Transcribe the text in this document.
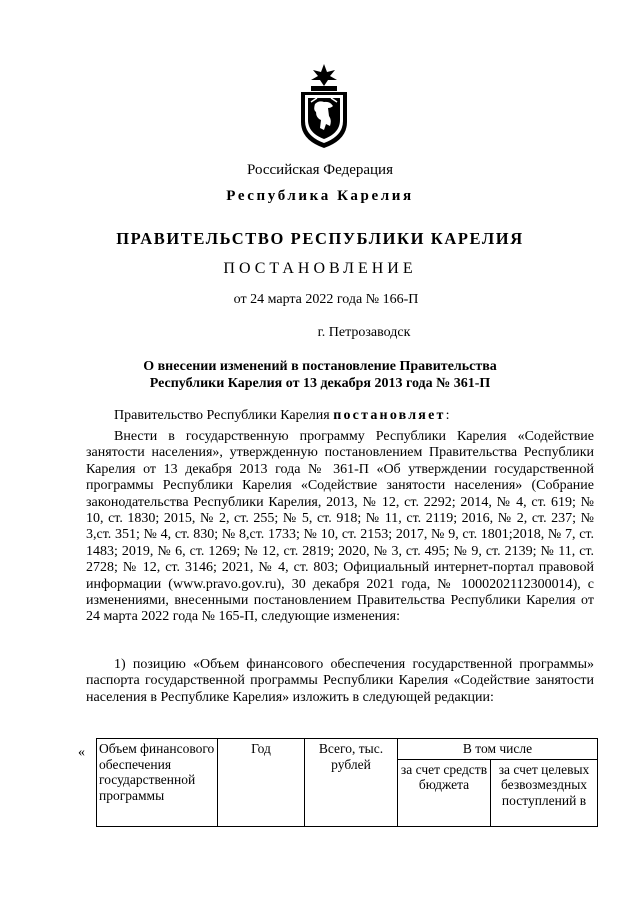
Российская Федерация
Республика Карелия
ПРАВИТЕЛЬСТВО РЕСПУБЛИКИ КАРЕЛИЯ
ПОСТАНОВЛЕНИЕ
от 24 марта 2022 года № 166-П
г. Петрозаводск
О внесении изменений в постановление Правительства
Республики Карелия от 13 декабря 2013 года № 361-П
Правительство Республики Карелия постановляет:
Внести в государственную программу Республики Карелия «Содействие занятости населения», утвержденную постановлением Правительства Республики Карелия от 13 декабря 2013 года № 361-П «Об утверждении государственной программы Республики Карелия «Содействие занятости населения» (Собрание законодательства Республики Карелия, 2013, № 12, ст. 2292; 2014, № 4, ст. 619; № 10, ст. 1830; 2015, № 2, ст. 255; № 5, ст. 918; № 11, ст. 2119; 2016, № 2, ст. 237; № 3,ст. 351; № 4, ст. 830; № 8,ст. 1733; № 10, ст. 2153; 2017, № 9, ст. 1801;2018, № 7, ст. 1483; 2019, № 6, ст. 1269; № 12, ст. 2819; 2020, № 3, ст. 495; № 9, ст. 2139; № 11, ст. 2728; № 12, ст. 3146; 2021, № 4, ст. 803; Официальный интернет-портал правовой информации (www.pravo.gov.ru), 30 декабря 2021 года, № 1000202112300014), с изменениями, внесенными постановлением Правительства Республики Карелия от 24 марта 2022 года № 165-П, следующие изменения:
1) позицию «Объем финансового обеспечения государственной программы» паспорта государственной программы Республики Карелия «Содействие занятости населения в Республике Карелия» изложить в следующей редакции:
« Объем финансового обеспечения государственной программы	Год	Всего, тыс. рублей	В том числе	
			за счет средств бюджета	за счет целевых безвозмездных поступлений в
